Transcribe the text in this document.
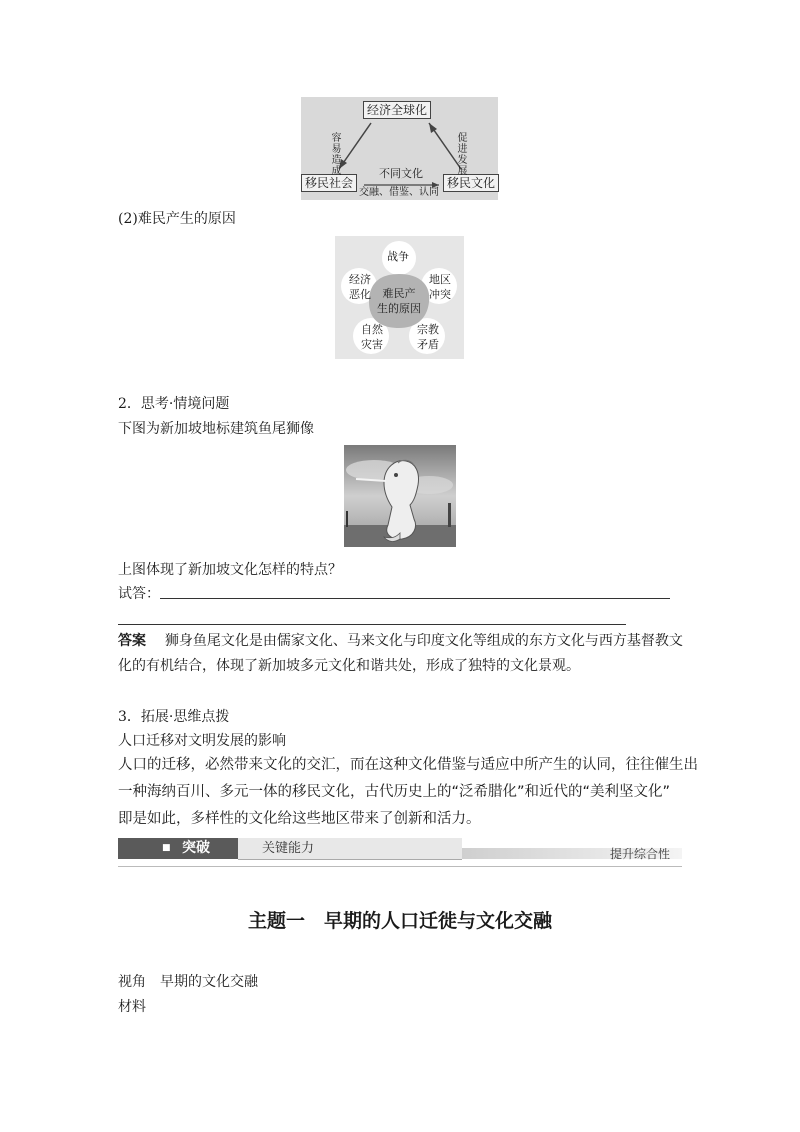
经济全球化
移民社会	移民文化
容易造成
促进发展
不同文化
交融、借鉴、认同
(2)难民产生的原因
战争
经济
恶化
地区
冲突
自然
灾害
宗教
矛盾
难民产
生的原因
2．思考·情境问题
下图为新加坡地标建筑鱼尾狮像
上图体现了新加坡文化怎样的特点？
试答：
答案 狮身鱼尾文化是由儒家文化、马来文化与印度文化等组成的东方文化与西方基督教文
化的有机结合，体现了新加坡多元文化和谐共处，形成了独特的文化景观。
3．拓展·思维点拨
人口迁移对文明发展的影响
人口的迁移，必然带来文化的交汇，而在这种文化借鉴与适应中所产生的认同，往往催生出
一种海纳百川、多元一体的移民文化，古代历史上的“泛希腊化”和近代的“美利坚文化”
即是如此，多样性的文化给这些地区带来了创新和活力。
■ 突破	关键能力	提升综合性
主题一　早期的人口迁徙与文化交融
视角　早期的文化交融
材料
